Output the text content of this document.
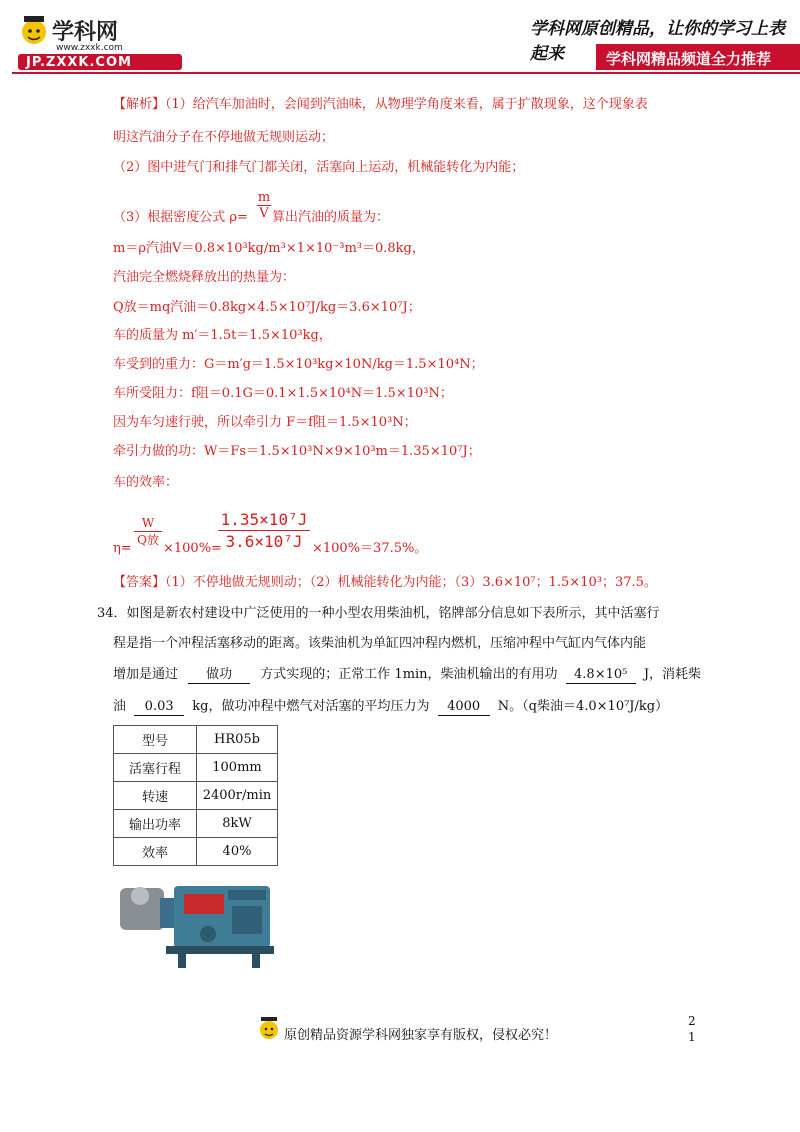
学科网
www.zxxk.com
JP.ZXXK.COM
学科网原创精品，让你的学习上表起来	学科网精品频道全力推荐
【解析】（1）给汽车加油时，会闻到汽油味，从物理学角度来看，属于扩散现象，这个现象表
明这汽油分子在不停地做无规则运动；
（2）图中进气门和排气门都关闭，活塞向上运动，机械能转化为内能；
（3）根据密度公式 $\rho= \frac{m}{V}$ 算出汽油的质量为：
m＝ρ汽油V＝0.8×10³kg/m³×1×10⁻³m³＝0.8kg，
汽油完全燃烧释放出的热量为：
Q放＝mq汽油＝0.8kg×4.5×10⁷J/kg＝3.6×10⁷J；
车的质量为 m′＝1.5t＝1.5×10³kg，
车受到的重力：G＝m′g＝1.5×10³kg×10N/kg＝1.5×10⁴N；
车所受阻力：f阻＝0.1G＝0.1×1.5×10⁴N＝1.5×10³N；
因为车匀速行驶，所以牵引力 F＝f阻＝1.5×10³N；
牵引力做的功：W＝Fs＝1.5×10³N×9×10³m＝1.35×10⁷J；
车的效率：
η=
W
Q放
×100%=
$\frac{\text{1.35×10⁷J}}{\text{3.6×10⁷J}} \times 100\%=37.5\%$。
【答案】（1）不停地做无规则动；（2）机械能转化为内能；（3）3.6×10⁷；1.5×10³；37.5。
34．如图是新农村建设中广泛使用的一种小型农用柴油机，铭牌部分信息如下表所示，其中活塞行
程是指一个冲程活塞移动的距离。该柴油机为单缸四冲程内燃机，压缩冲程中气缸内气体内能
增加是通过 做功 方式实现的；正常工作 1min，柴油机输出的有用功 4.8×10⁵ J，消耗柴
油 0.03 kg，做功冲程中燃气对活塞的平均压力为 4000 N。（q柴油＝4.0×10⁷J/kg）
型号	HR05b
活塞行程	100mm
转速	2400r/min
输出功率	8kW
效率	40%
原创精品资源学科网独家享有版权，侵权必究！
2
1
